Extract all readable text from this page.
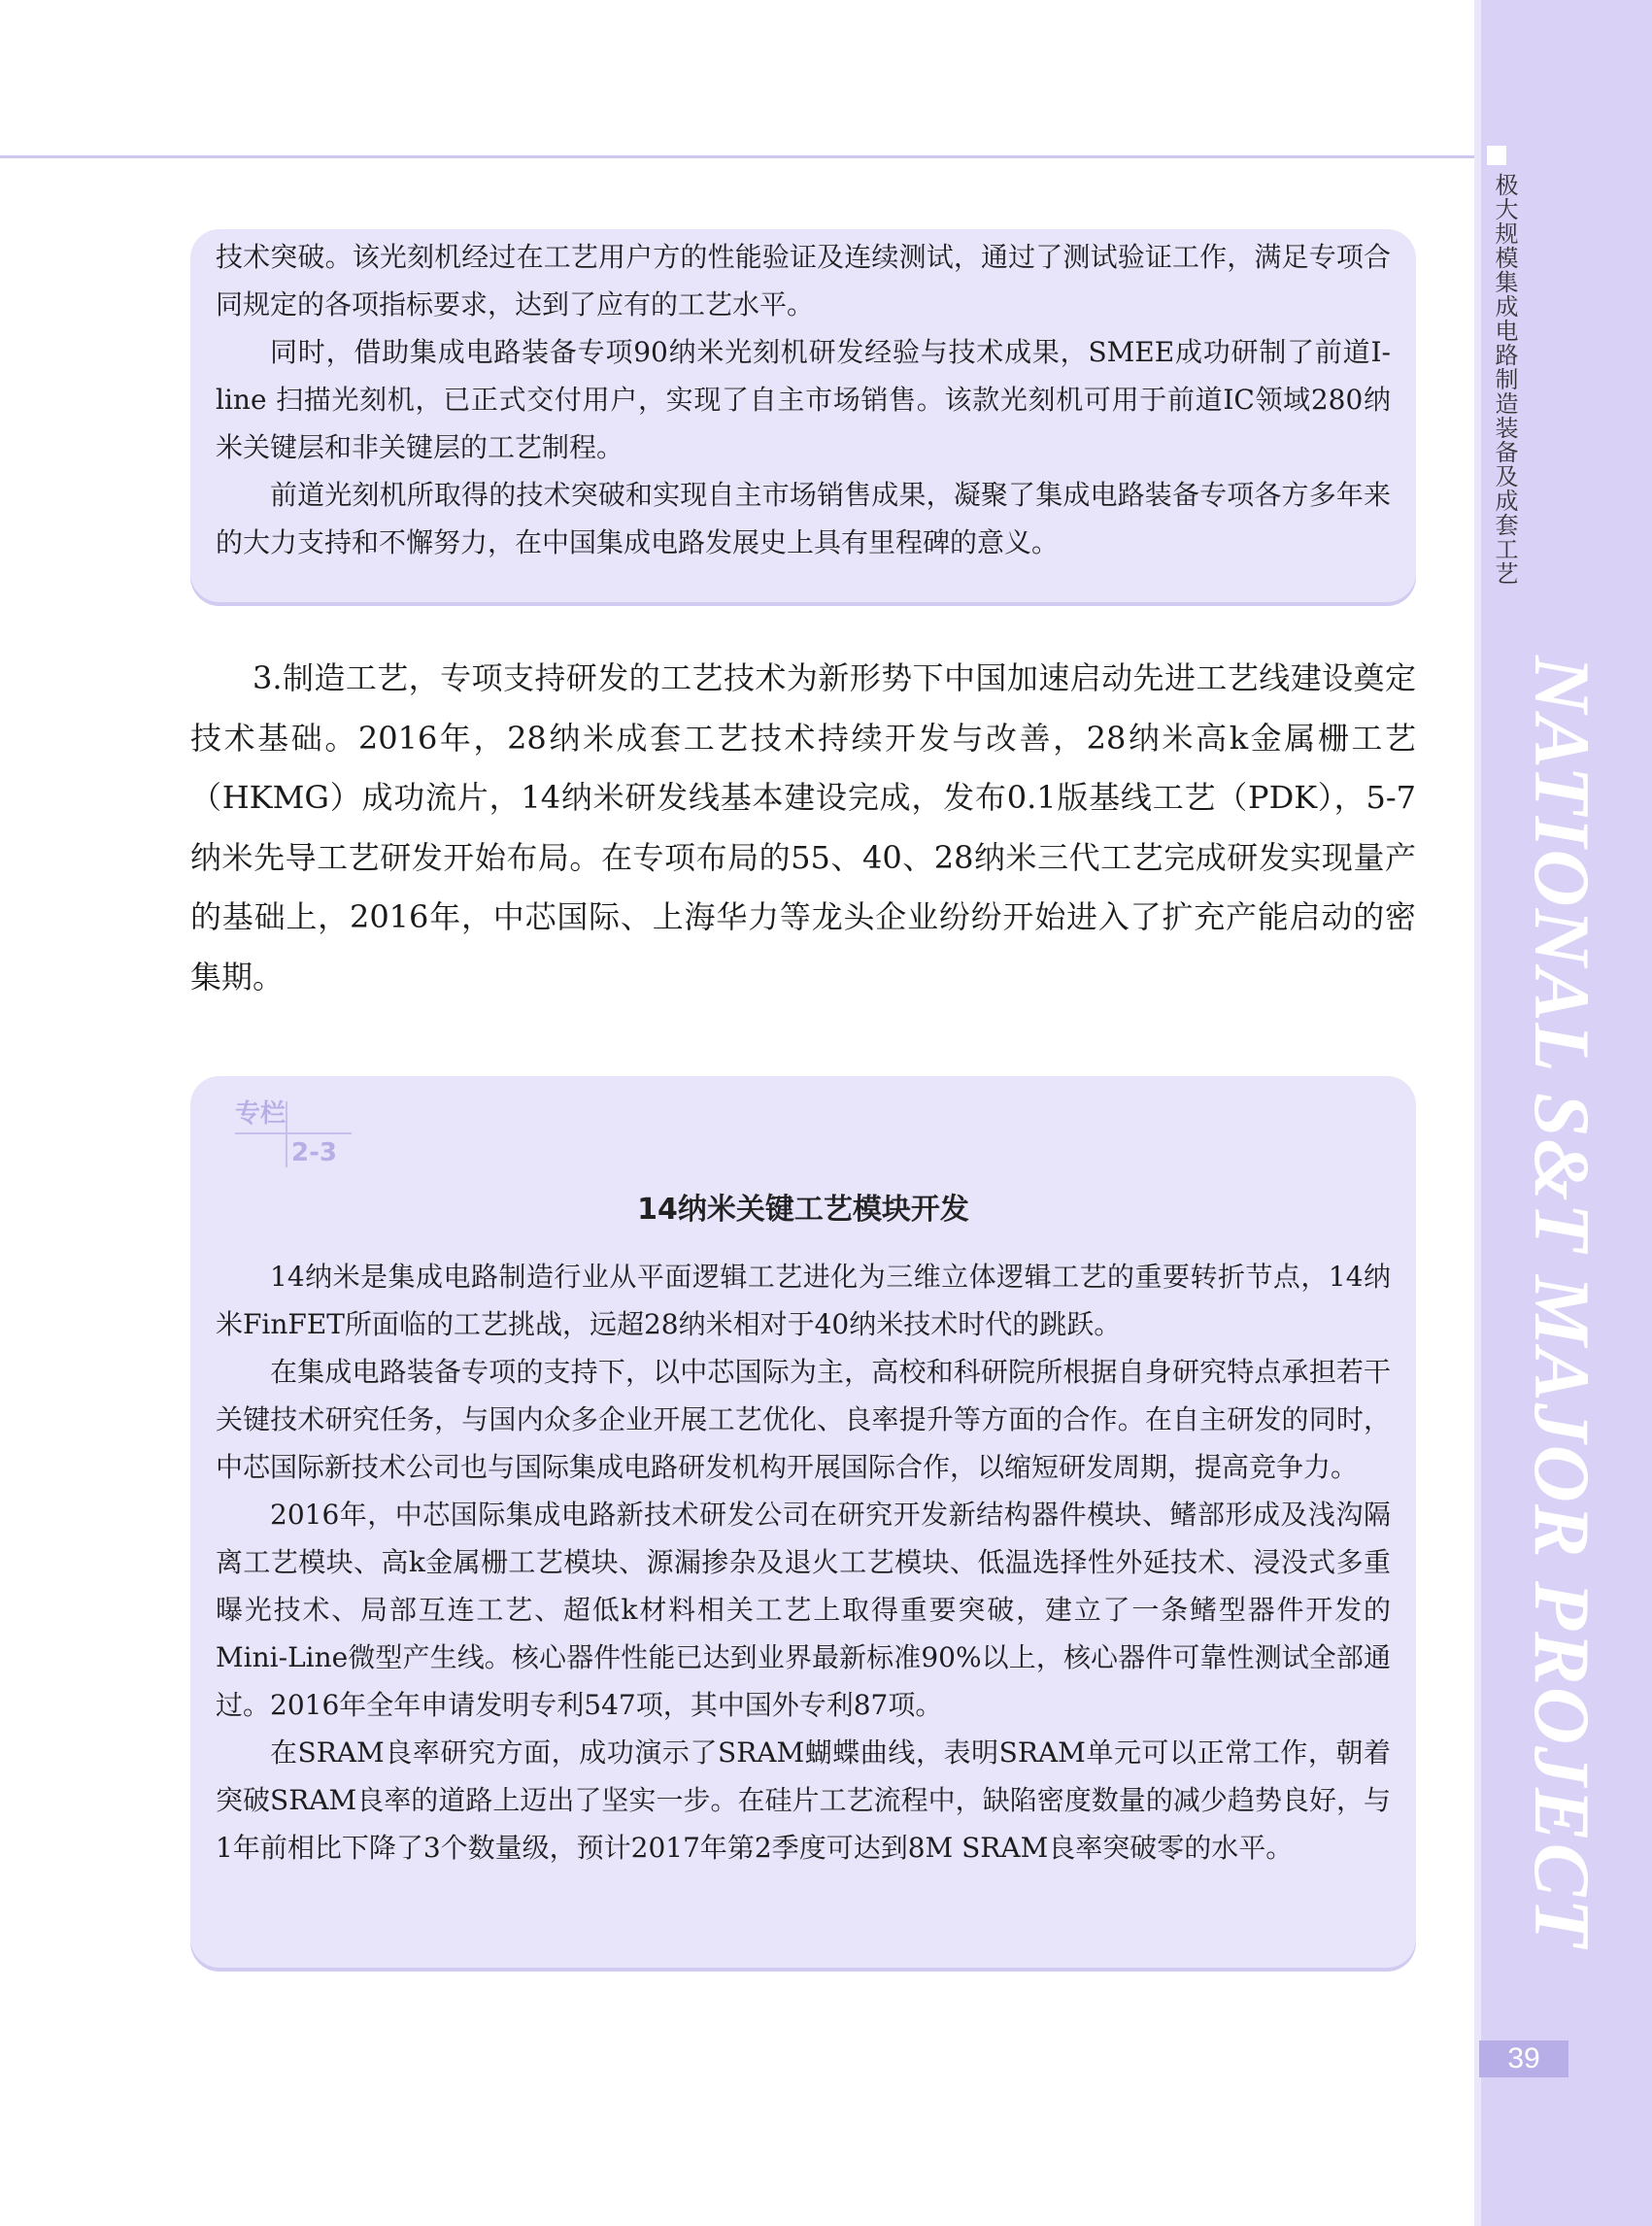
极大规模集成电路制造装备及成套工艺
NATIONAL S&T MAJOR PROJECT
39

技术突破。该光刻机经过在工艺用户方的性能验证及连续测试，通过了测试验证工作，满足专项合同规定的各项指标要求，达到了应有的工艺水平。

同时，借助集成电路装备专项90纳米光刻机研发经验与技术成果，SMEE成功研制了前道I-line 扫描光刻机，已正式交付用户，实现了自主市场销售。该款光刻机可用于前道IC领域280纳米关键层和非关键层的工艺制程。

前道光刻机所取得的技术突破和实现自主市场销售成果，凝聚了集成电路装备专项各方多年来的大力支持和不懈努力，在中国集成电路发展史上具有里程碑的意义。

3.制造工艺，专项支持研发的工艺技术为新形势下中国加速启动先进工艺线建设奠定技术基础。2016年，28纳米成套工艺技术持续开发与改善，28纳米高k金属栅工艺（HKMG）成功流片，14纳米研发线基本建设完成，发布0.1版基线工艺（PDK），5-7纳米先导工艺研发开始布局。在专项布局的55、40、28纳米三代工艺完成研发实现量产的基础上，2016年，中芯国际、上海华力等龙头企业纷纷开始进入了扩充产能启动的密集期。

专栏
2-3
14纳米关键工艺模块开发

14纳米是集成电路制造行业从平面逻辑工艺进化为三维立体逻辑工艺的重要转折节点，14纳米FinFET所面临的工艺挑战，远超28纳米相对于40纳米技术时代的跳跃。

在集成电路装备专项的支持下，以中芯国际为主，高校和科研院所根据自身研究特点承担若干关键技术研究任务，与国内众多企业开展工艺优化、良率提升等方面的合作。在自主研发的同时，中芯国际新技术公司也与国际集成电路研发机构开展国际合作，以缩短研发周期，提高竞争力。

2016年，中芯国际集成电路新技术研发公司在研究开发新结构器件模块、鳍部形成及浅沟隔离工艺模块、高k金属栅工艺模块、源漏掺杂及退火工艺模块、低温选择性外延技术、浸没式多重曝光技术、局部互连工艺、超低k材料相关工艺上取得重要突破，建立了一条鳍型器件开发的Mini-Line微型产生线。核心器件性能已达到业界最新标准90%以上，核心器件可靠性测试全部通过。2016年全年申请发明专利547项，其中国外专利87项。

在SRAM良率研究方面，成功演示了SRAM蝴蝶曲线，表明SRAM单元可以正常工作，朝着突破SRAM良率的道路上迈出了坚实一步。在硅片工艺流程中，缺陷密度数量的减少趋势良好，与1年前相比下降了3个数量级，预计2017年第2季度可达到8M SRAM良率突破零的水平。
